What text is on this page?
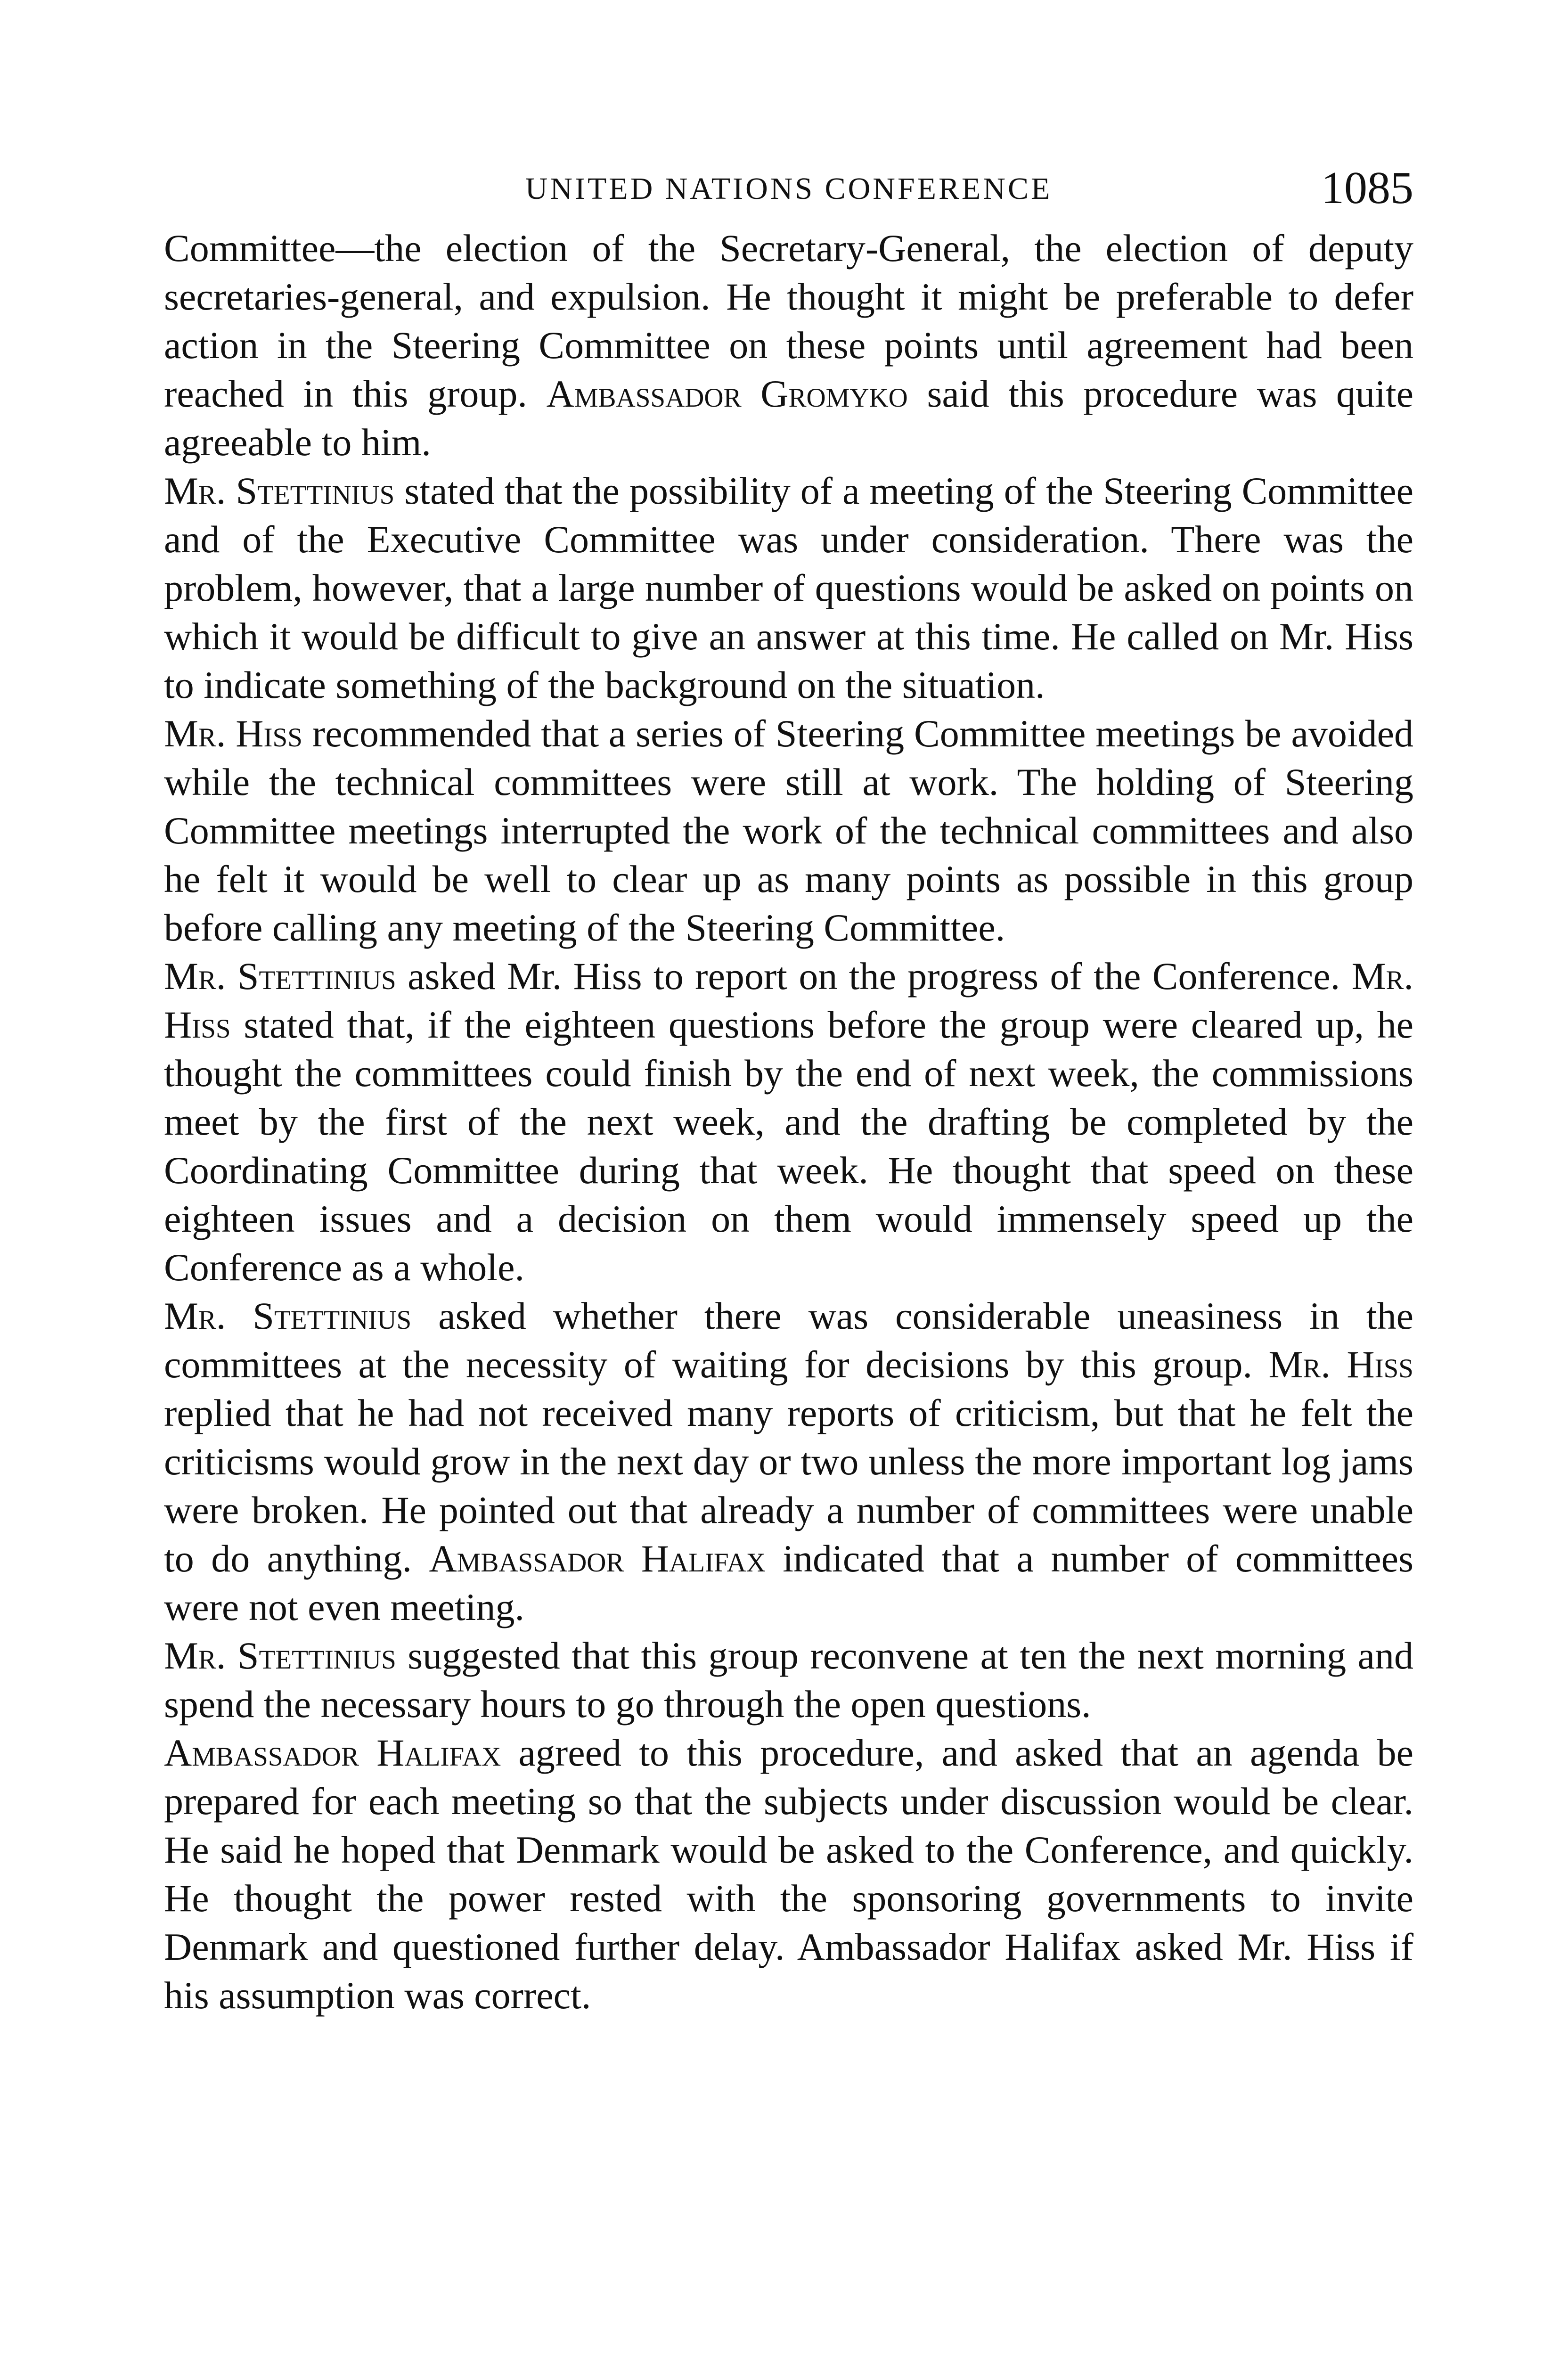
UNITED NATIONS CONFERENCE	1085

Committee—the election of the Secretary-General, the election of deputy secretaries-general, and expulsion. He thought it might be preferable to defer action in the Steering Committee on these points until agreement had been reached in this group. Ambassador Gromyko said this procedure was quite agreeable to him.

Mr. Stettinius stated that the possibility of a meeting of the Steering Committee and of the Executive Committee was under consideration. There was the problem, however, that a large number of questions would be asked on points on which it would be difficult to give an answer at this time. He called on Mr. Hiss to indicate something of the background on the situation.

Mr. Hiss recommended that a series of Steering Committee meetings be avoided while the technical committees were still at work. The holding of Steering Committee meetings interrupted the work of the technical committees and also he felt it would be well to clear up as many points as possible in this group before calling any meeting of the Steering Committee.

Mr. Stettinius asked Mr. Hiss to report on the progress of the Conference. Mr. Hiss stated that, if the eighteen questions before the group were cleared up, he thought the committees could finish by the end of next week, the commissions meet by the first of the next week, and the drafting be completed by the Coordinating Committee during that week. He thought that speed on these eighteen issues and a decision on them would immensely speed up the Conference as a whole.

Mr. Stettinius asked whether there was considerable uneasiness in the committees at the necessity of waiting for decisions by this group. Mr. Hiss replied that he had not received many reports of criticism, but that he felt the criticisms would grow in the next day or two unless the more important log jams were broken. He pointed out that already a number of committees were unable to do anything. Ambassador Halifax indicated that a number of committees were not even meeting.

Mr. Stettinius suggested that this group reconvene at ten the next morning and spend the necessary hours to go through the open questions.

Ambassador Halifax agreed to this procedure, and asked that an agenda be prepared for each meeting so that the subjects under discussion would be clear. He said he hoped that Denmark would be asked to the Conference, and quickly. He thought the power rested with the sponsoring governments to invite Denmark and questioned further delay. Ambassador Halifax asked Mr. Hiss if his assumption was correct.
